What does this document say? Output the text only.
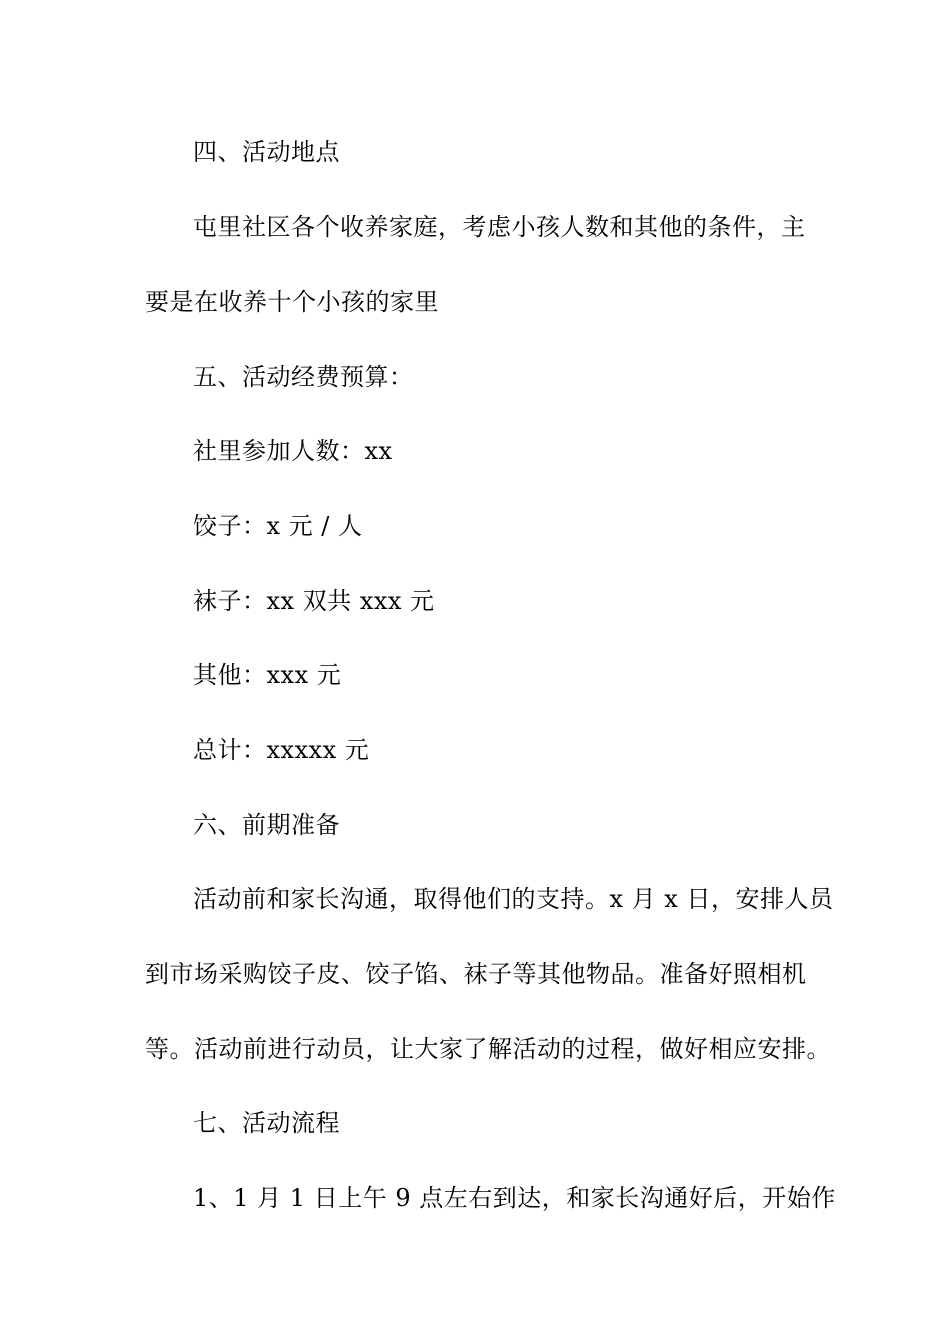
四、活动地点
屯里社区各个收养家庭，考虑小孩人数和其他的条件，主
要是在收养十个小孩的家里
五、活动经费预算：
社里参加人数：xx
饺子：x 元 / 人
袜子：xx 双共 xxx 元
其他：xxx 元
总计：xxxxx 元
六、前期准备
活动前和家长沟通，取得他们的支持。x 月 x 日，安排人员
到市场采购饺子皮、饺子馅、袜子等其他物品。准备好照相机
等。活动前进行动员，让大家了解活动的过程，做好相应安排。
七、活动流程
1、1 月 1 日上午 9 点左右到达，和家长沟通好后，开始作
